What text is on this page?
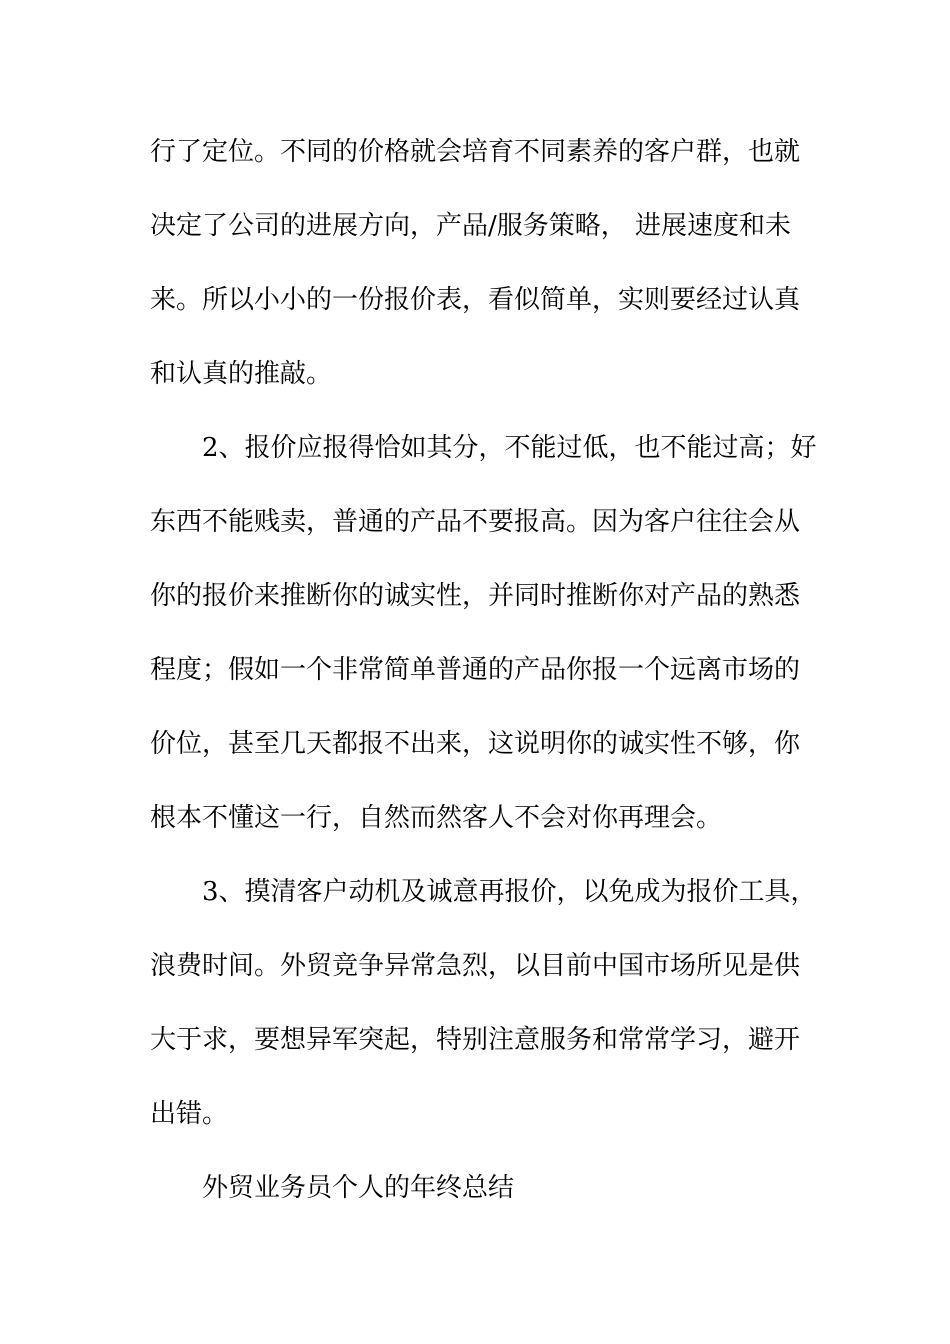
行了定位。不同的价格就会培育不同素养的客户群，也就
决定了公司的进展方向，产品/服务策略， 进展速度和未
来。所以小小的一份报价表，看似简单，实则要经过认真
和认真的推敲。
2、报价应报得恰如其分，不能过低，也不能过高；好
东西不能贱卖，普通的产品不要报高。因为客户往往会从
你的报价来推断你的诚实性，并同时推断你对产品的熟悉
程度；假如一个非常简单普通的产品你报一个远离市场的
价位，甚至几天都报不出来，这说明你的诚实性不够，你
根本不懂这一行，自然而然客人不会对你再理会。
3、摸清客户动机及诚意再报价，以免成为报价工具，
浪费时间。外贸竞争异常急烈，以目前中国市场所见是供
大于求，要想异军突起，特别注意服务和常常学习，避开
出错。
外贸业务员个人的年终总结
